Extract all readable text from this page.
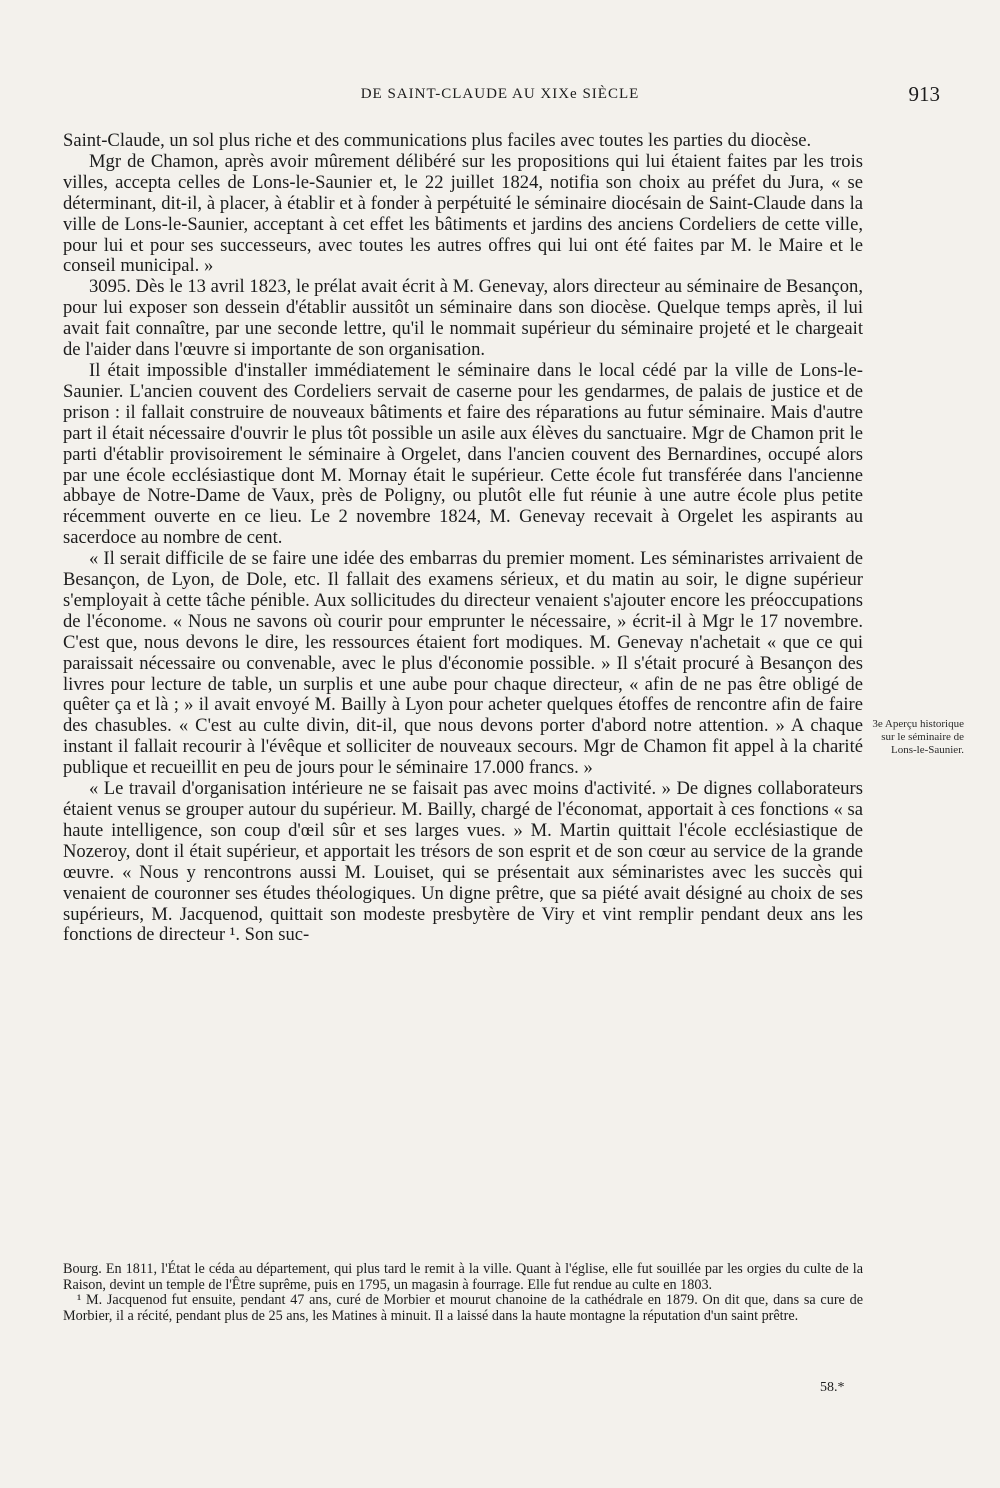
DE SAINT-CLAUDE AU XIXe SIÈCLE	913

Saint-Claude, un sol plus riche et des communications plus faciles avec toutes les parties du diocèse.

Mgr de Chamon, après avoir mûrement délibéré sur les propositions qui lui étaient faites par les trois villes, accepta celles de Lons-le-Saunier et, le 22 juillet 1824, notifia son choix au préfet du Jura, « se déterminant, dit-il, à placer, à établir et à fonder à perpétuité le séminaire diocésain de Saint-Claude dans la ville de Lons-le-Saunier, acceptant à cet effet les bâtiments et jardins des anciens Cordeliers de cette ville, pour lui et pour ses successeurs, avec toutes les autres offres qui lui ont été faites par M. le Maire et le conseil municipal. »

3095. Dès le 13 avril 1823, le prélat avait écrit à M. Genevay, alors directeur au séminaire de Besançon, pour lui exposer son dessein d'établir aussitôt un séminaire dans son diocèse. Quelque temps après, il lui avait fait connaître, par une seconde lettre, qu'il le nommait supérieur du séminaire projeté et le chargeait de l'aider dans l'œuvre si importante de son organisation.

Il était impossible d'installer immédiatement le séminaire dans le local cédé par la ville de Lons-le-Saunier. L'ancien couvent des Cordeliers servait de caserne pour les gendarmes, de palais de justice et de prison : il fallait construire de nouveaux bâtiments et faire des réparations au futur séminaire. Mais d'autre part il était nécessaire d'ouvrir le plus tôt possible un asile aux élèves du sanctuaire. Mgr de Chamon prit le parti d'établir provisoirement le séminaire à Orgelet, dans l'ancien couvent des Bernardines, occupé alors par une école ecclésiastique dont M. Mornay était le supérieur. Cette école fut transférée dans l'ancienne abbaye de Notre-Dame de Vaux, près de Poligny, ou plutôt elle fut réunie à une autre école plus petite récemment ouverte en ce lieu. Le 2 novembre 1824, M. Genevay recevait à Orgelet les aspirants au sacerdoce au nombre de cent.

« Il serait difficile de se faire une idée des embarras du premier moment. Les séminaristes arrivaient de Besançon, de Lyon, de Dole, etc. Il fallait des examens sérieux, et du matin au soir, le digne supérieur s'employait à cette tâche pénible. Aux sollicitudes du directeur venaient s'ajouter encore les préoccupations de l'économe. « Nous ne savons où courir pour emprunter le nécessaire, » écrit-il à Mgr le 17 novembre. C'est que, nous devons le dire, les ressources étaient fort modiques. M. Genevay n'achetait « que ce qui paraissait nécessaire ou convenable, avec le plus d'économie possible. » Il s'était procuré à Besançon des livres pour lecture de table, un surplis et une aube pour chaque directeur, « afin de ne pas être obligé de quêter ça et là ; » il avait envoyé M. Bailly à Lyon pour acheter quelques étoffes de rencontre afin de faire des chasubles. « C'est au culte divin, dit-il, que nous devons porter d'abord notre attention. » A chaque instant il fallait recourir à l'évêque et solliciter de nouveaux secours. Mgr de Chamon fit appel à la charité publique et recueillit en peu de jours pour le séminaire 17.000 francs. »

« Le travail d'organisation intérieure ne se faisait pas avec moins d'activité. » De dignes collaborateurs étaient venus se grouper autour du supérieur. M. Bailly, chargé de l'économat, apportait à ces fonctions « sa haute intelligence, son coup d'œil sûr et ses larges vues. » M. Martin quittait l'école ecclésiastique de Nozeroy, dont il était supérieur, et apportait les trésors de son esprit et de son cœur au service de la grande œuvre. « Nous y rencontrons aussi M. Louiset, qui se présentait aux séminaristes avec les succès qui venaient de couronner ses études théologiques. Un digne prêtre, que sa piété avait désigné au choix de ses supérieurs, M. Jacquenod, quittait son modeste presbytère de Viry et vint remplir pendant deux ans les fonctions de directeur ¹. Son suc-

3e Aperçu historique sur le séminaire de Lons-le-Saunier.

Bourg. En 1811, l'État le céda au département, qui plus tard le remit à la ville. Quant à l'église, elle fut souillée par les orgies du culte de la Raison, devint un temple de l'Être suprême, puis en 1795, un magasin à fourrage. Elle fut rendue au culte en 1803.

¹ M. Jacquenod fut ensuite, pendant 47 ans, curé de Morbier et mourut chanoine de la cathédrale en 1879. On dit que, dans sa cure de Morbier, il a récité, pendant plus de 25 ans, les Matines à minuit. Il a laissé dans la haute montagne la réputation d'un saint prêtre.

58.*
